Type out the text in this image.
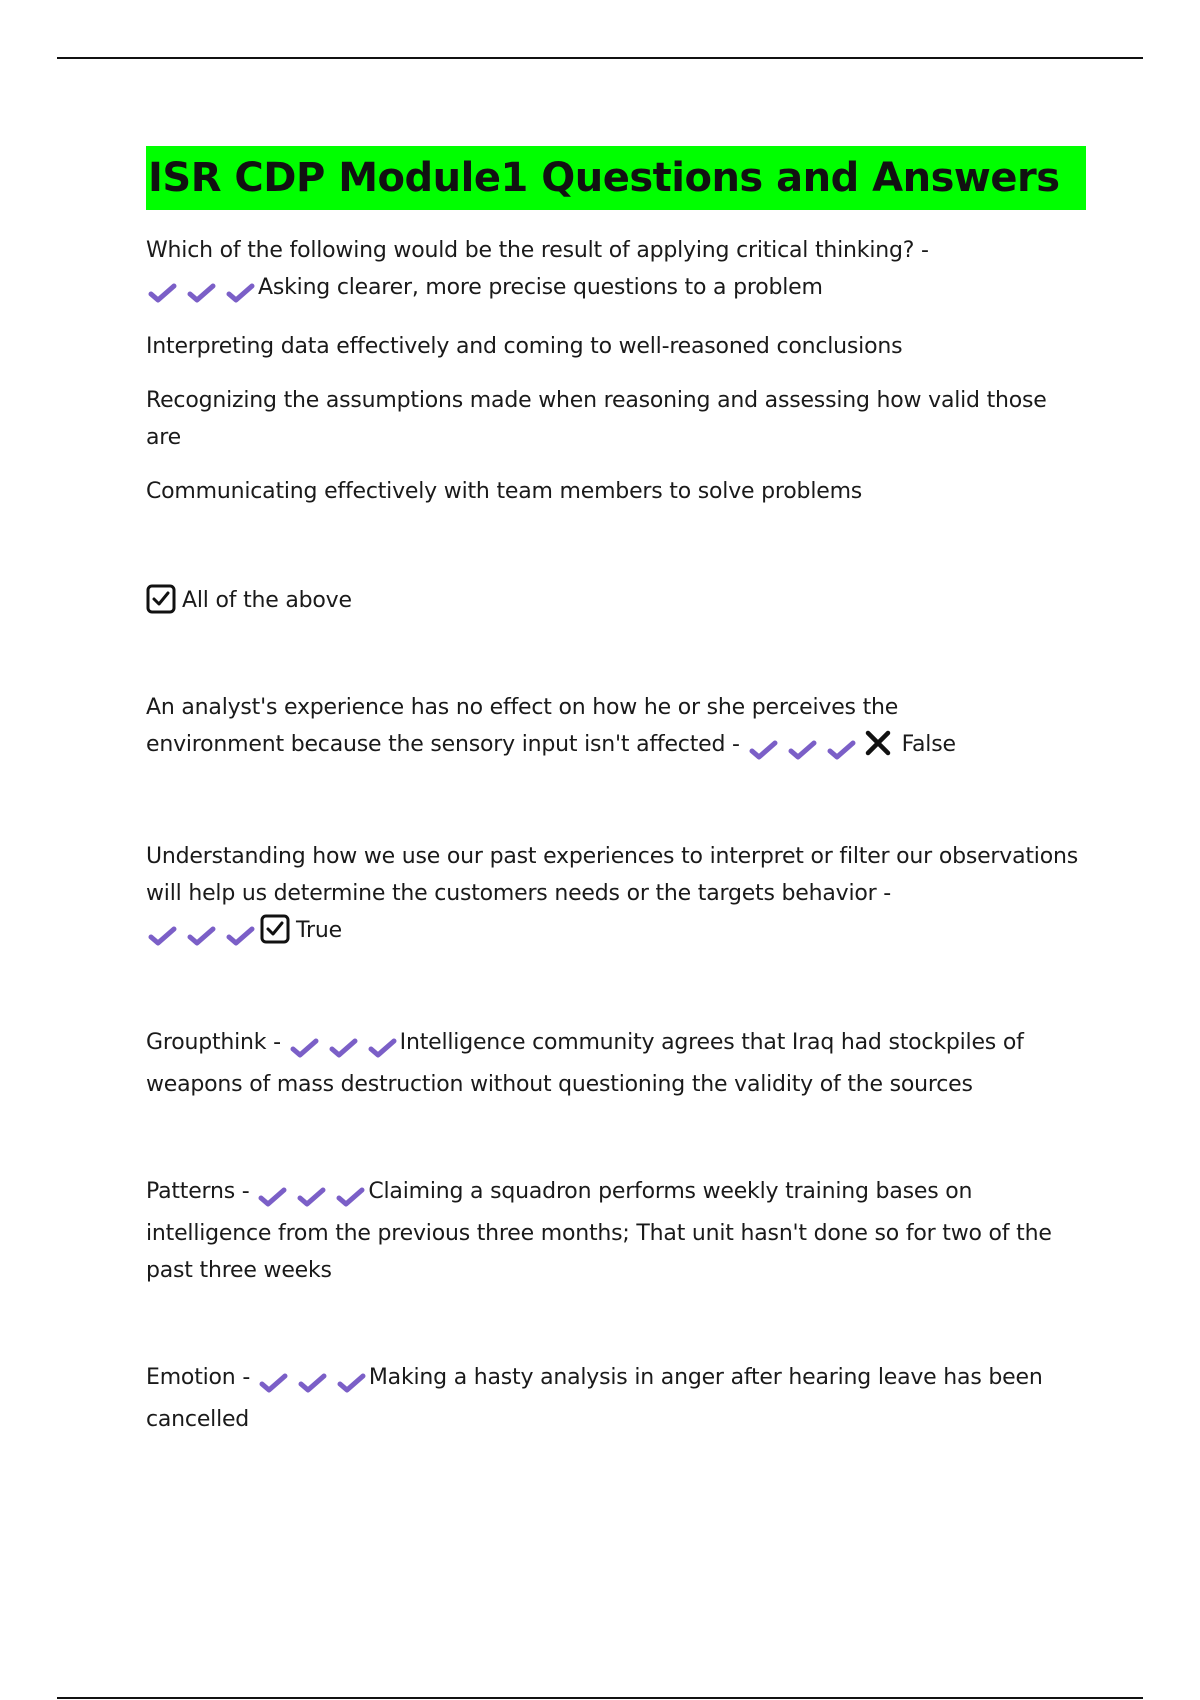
ISR CDP Module1 Questions and Answers

Which of the following would be the result of applying critical thinking? -

Asking clearer, more precise questions to a problem

Interpreting data effectively and coming to well-reasoned conclusions

Recognizing the assumptions made when reasoning and assessing how valid those are

Communicating effectively with team members to solve problems

All of the above

An analyst's experience has no effect on how he or she perceives the

environment because the sensory input isn't affected -	False

Understanding how we use our past experiences to interpret or filter our observations will help us determine the customers needs or the targets behavior -

True

Groupthink -	Intelligence community agrees that Iraq had stockpiles of weapons of mass destruction without questioning the validity of the sources

Patterns -	Claiming a squadron performs weekly training bases on intelligence from the previous three months; That unit hasn't done so for two of the past three weeks

Emotion -	Making a hasty analysis in anger after hearing leave has been cancelled
